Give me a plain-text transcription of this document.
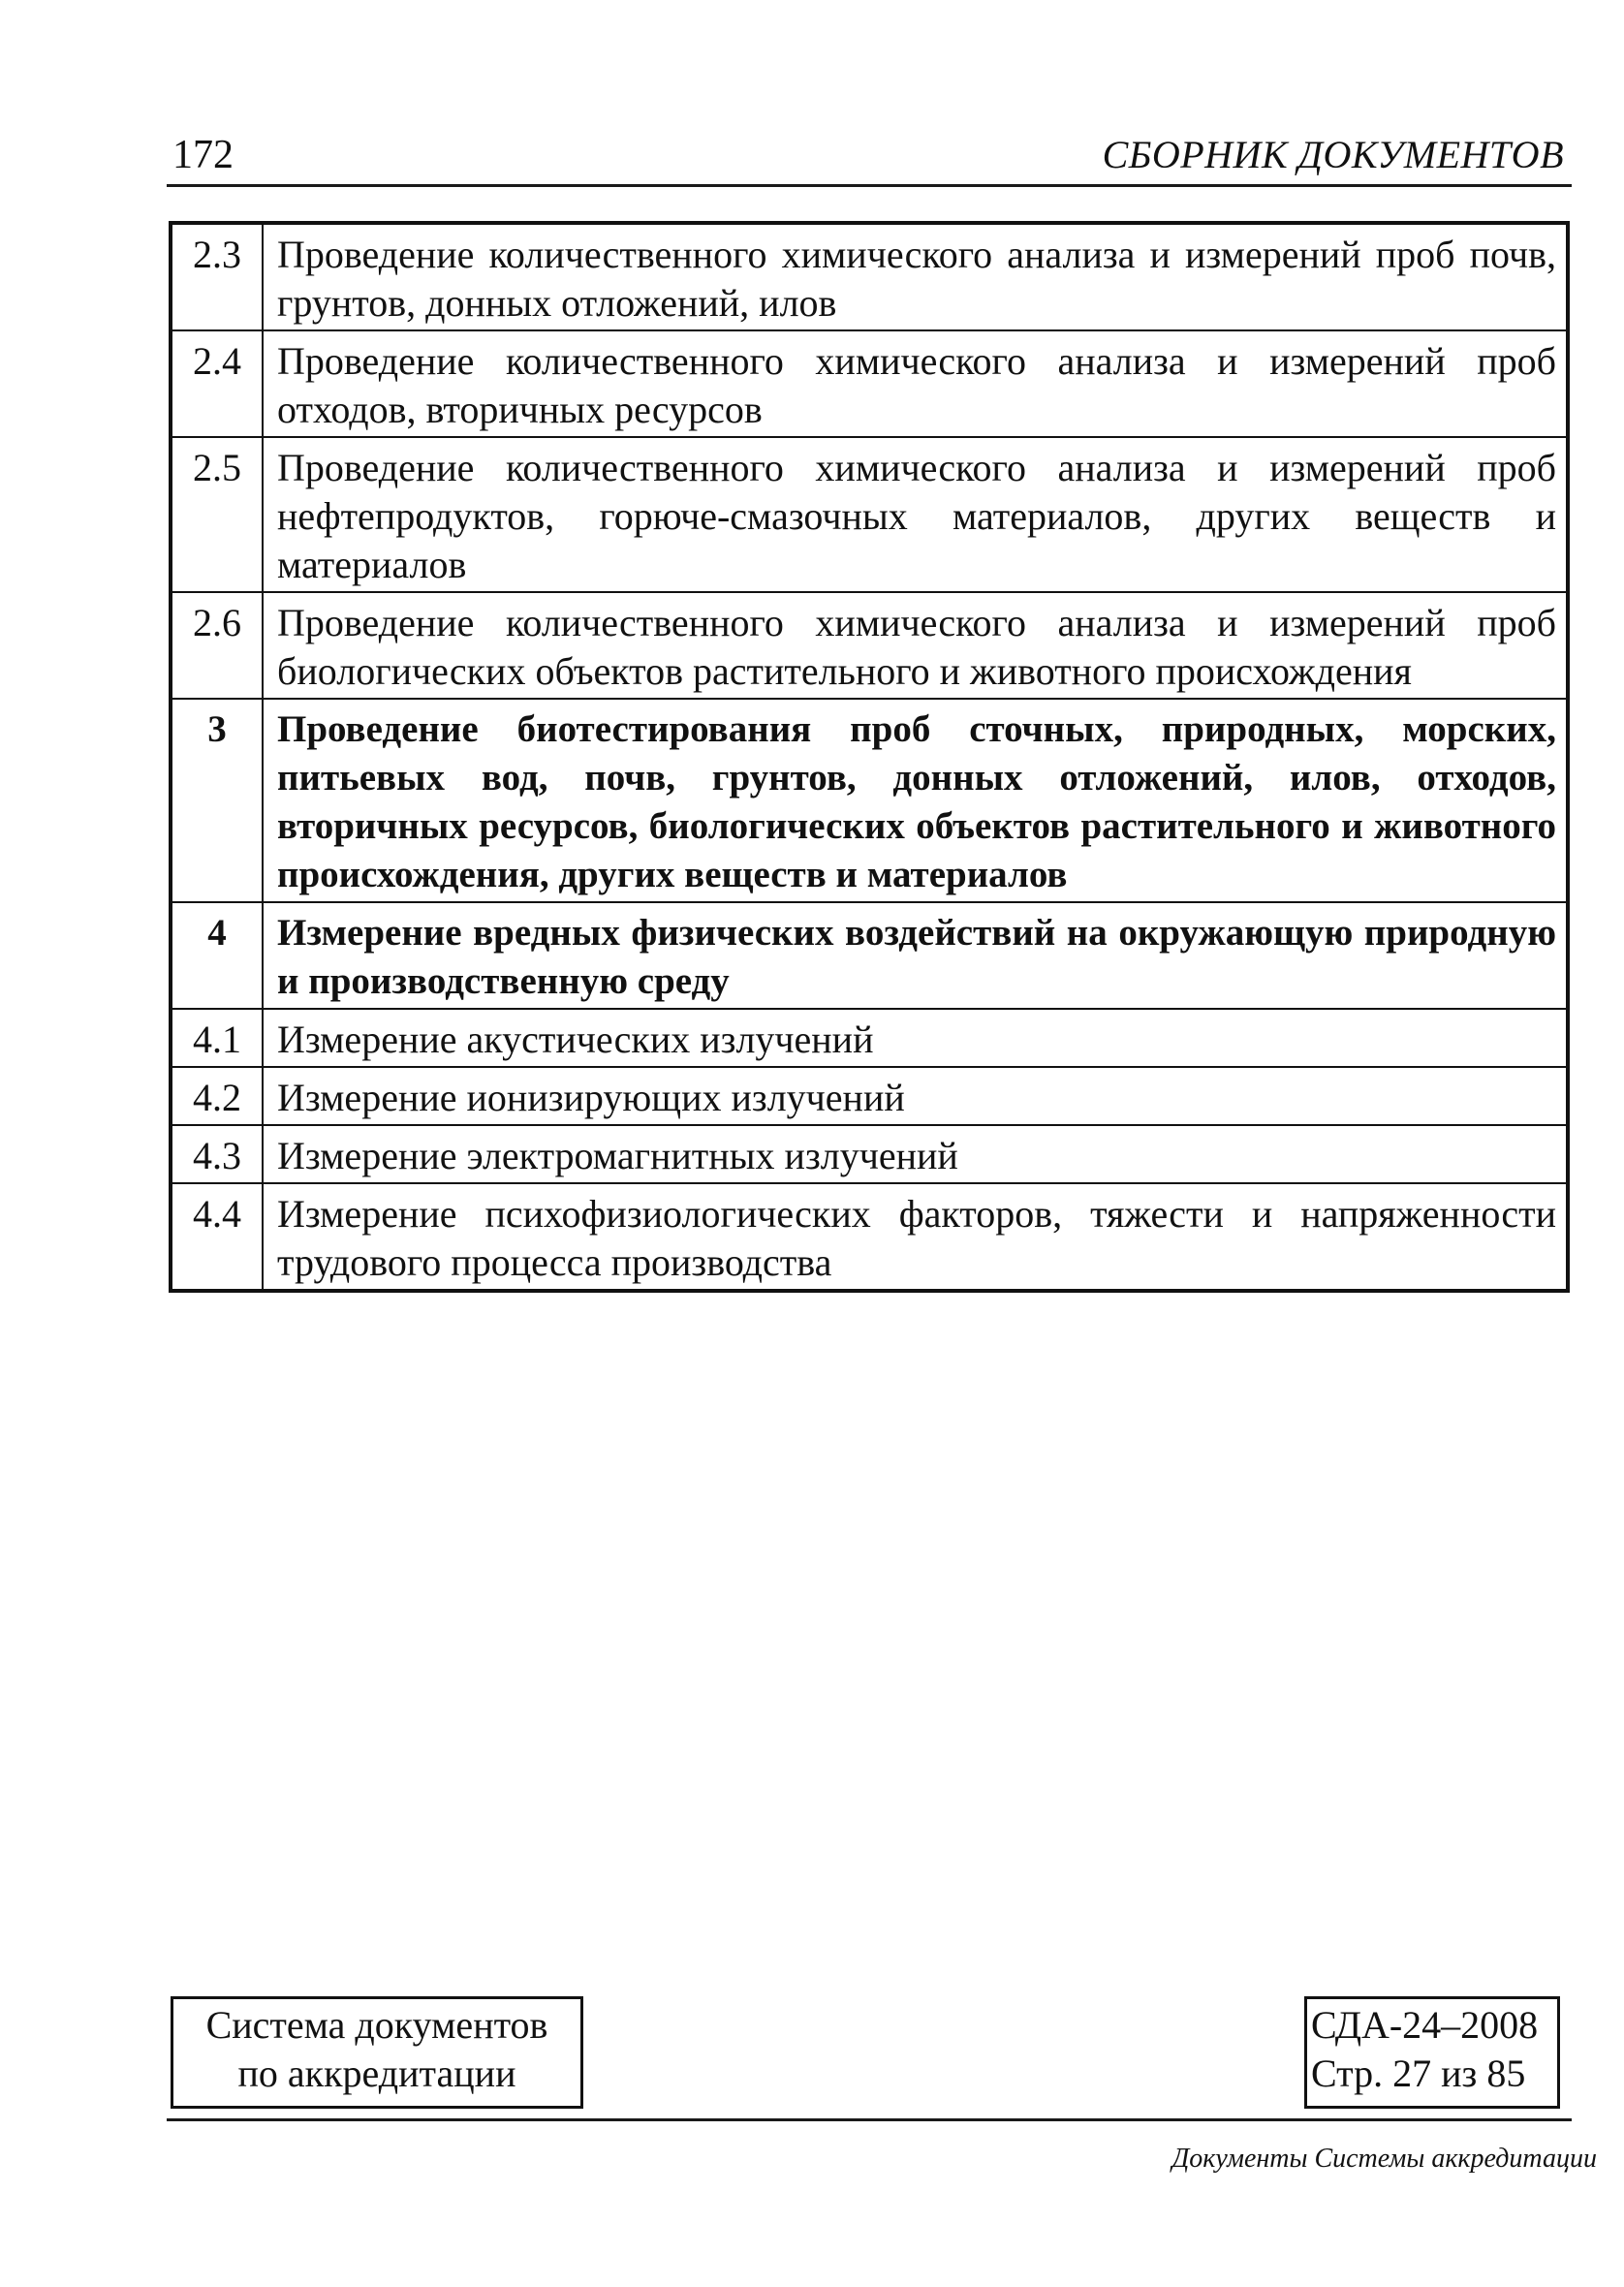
172	СБОРНИК ДОКУМЕНТОВ
2.3	Проведение количественного химического анализа и измерений проб почв, грунтов, донных отложений, илов
2.4	Проведение количественного химического анализа и измерений проб отходов, вторичных ресурсов
2.5	Проведение количественного химического анализа и измерений проб нефтепродуктов, горюче-смазочных материалов, других веществ и материалов
2.6	Проведение количественного химического анализа и измерений проб биологических объектов растительного и животного происхождения
3	Проведение биотестирования проб сточных, природных, морских, питьевых вод, почв, грунтов, донных отложений, илов, отходов, вторичных ресурсов, биологических объектов растительного и животного происхождения, других веществ и материалов
4	Измерение вредных физических воздействий на окружающую природную и производственную среду
4.1	Измерение акустических излучений
4.2	Измерение ионизирующих излучений
4.3	Измерение электромагнитных излучений
4.4	Измерение психофизиологических факторов, тяжести и напряженности трудового процесса производства
Система документов
по аккредитации
СДА-24–2008
Стр. 27 из 85
Документы Системы аккредитации
